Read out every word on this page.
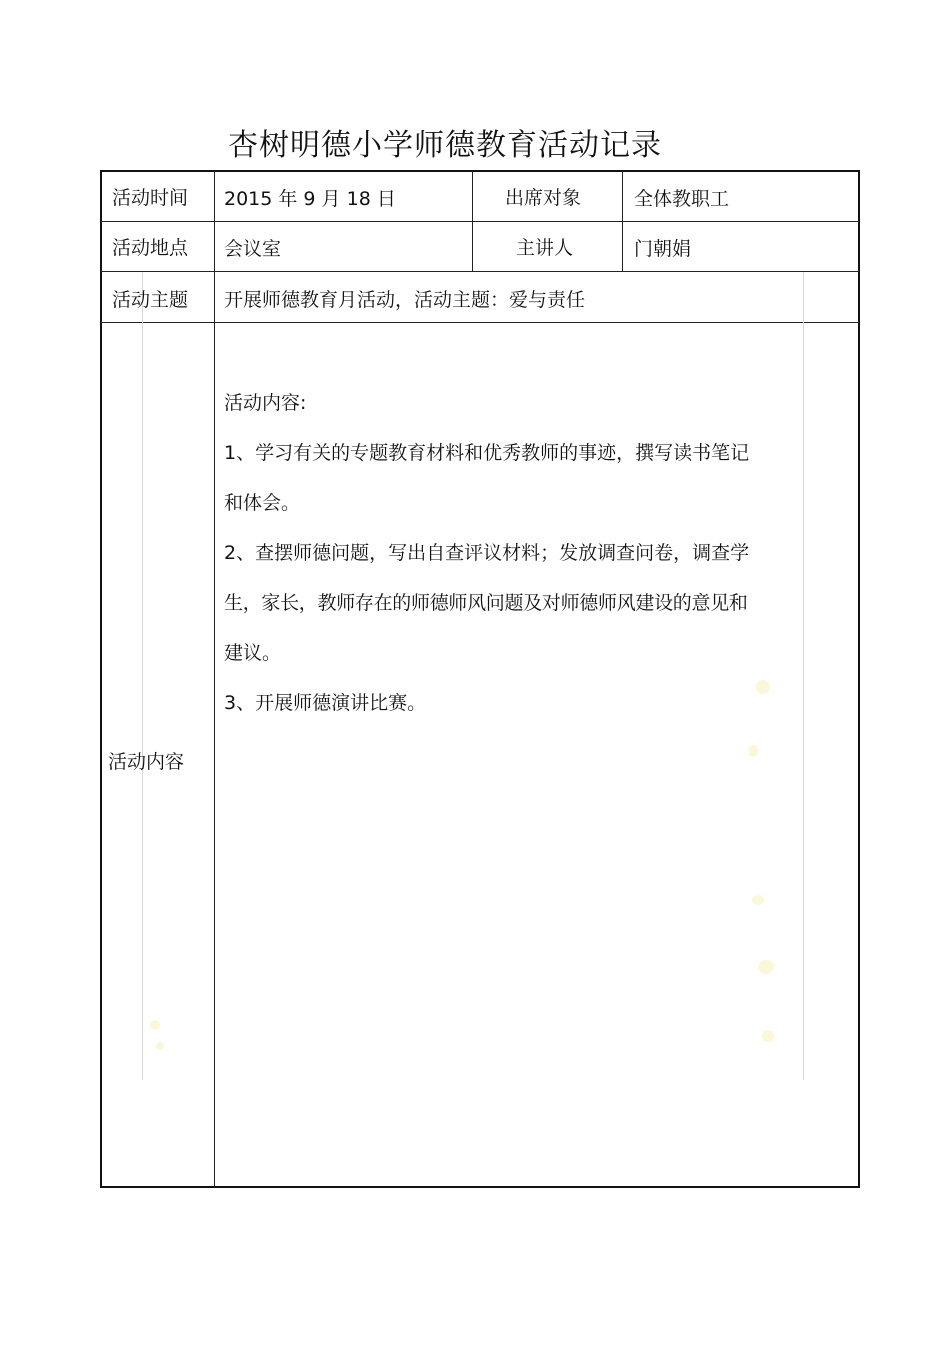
杏树明德小学师德教育活动记录
活动时间 2015 年 9 月 18 日	出席对象	全体教职工
活动地点 会议室	主讲人	门朝娟
活动主题 开展师德教育月活动，活动主题：爱与责任
活动内容

活动内容:

1、学习有关的专题教育材料和优秀教师的事迹，撰写读书笔记

和体会。

2、查摆师德问题，写出自查评议材料；发放调查问卷，调查学

生，家长，教师存在的师德师风问题及对师德师风建设的意见和

建议。

3、开展师德演讲比赛。
